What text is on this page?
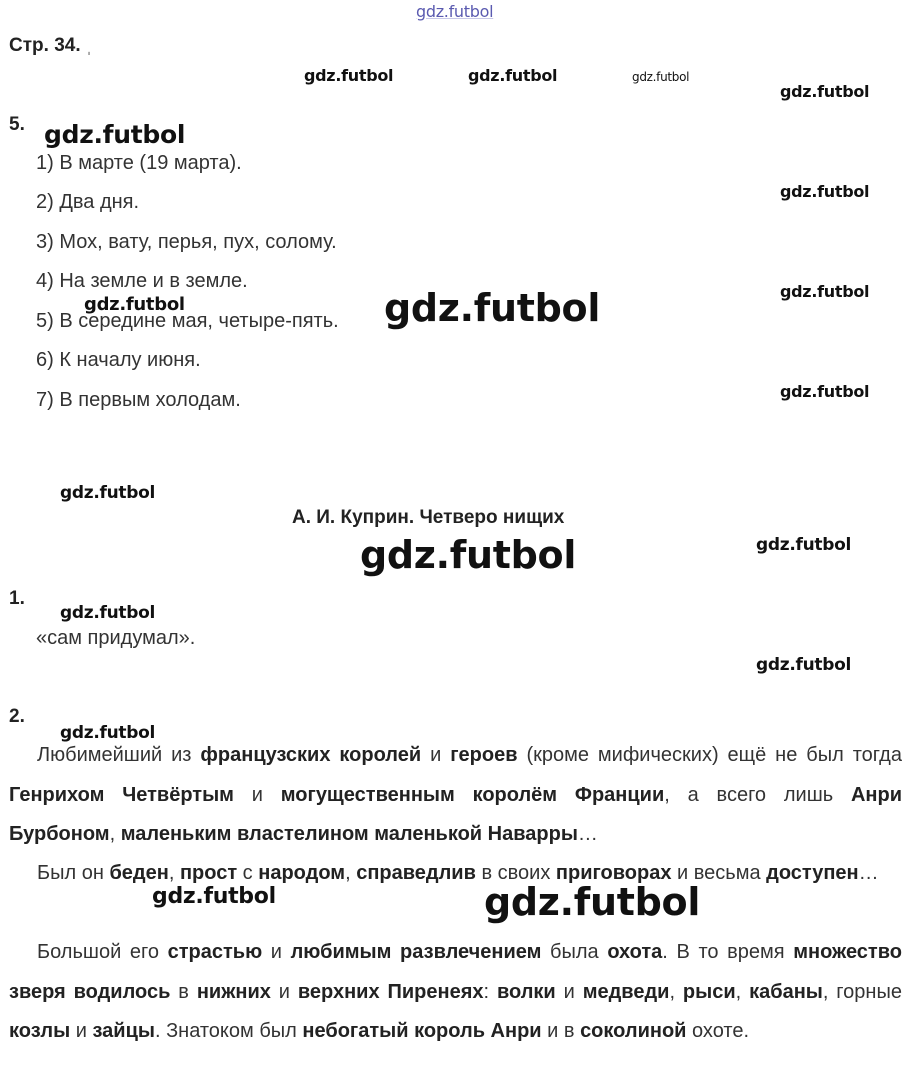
gdz.futbol
Стр. 34. ˌ
gdz.futbol	gdz.futbol	gdz.futbol
gdz.futbol
5. gdz.futbol
1) В марте (19 марта).
2) Два дня.
3) Мох, вату, перья, пух, солому.
4) На земле и в земле.
5) В середине мая, четыре-пять.
6) К началу июня.
7) В первым холодам.
gdz.futbol
gdz.futbol
gdz.futbol
gdz.futbol	gdz.futbol
gdz.futbol
А. И. Куприн. Четверо нищих
gdz.futbol	gdz.futbol
1.
gdz.futbol
«сам придумал».
gdz.futbol
2.
gdz.futbol
Любимейший из французских королей и героев (кроме мифических) ещё не был тогда Генрихом Четвёртым и могущественным королём Франции, а всего лишь Анри Бурбоном, маленьким властелином маленькой Наварры…
Был он беден, прост с народом, справедлив в своих приговорах и весьма доступен…
Большой его страстью и любимым развлечением была охота. В то время множество зверя водилось в нижних и верхних Пиренеях: волки и медведи, рыси, кабаны, горные козлы и зайцы. Знатоком был небогатый король Анри и в соколиной охоте.
gdz.futbol	gdz.futbol
